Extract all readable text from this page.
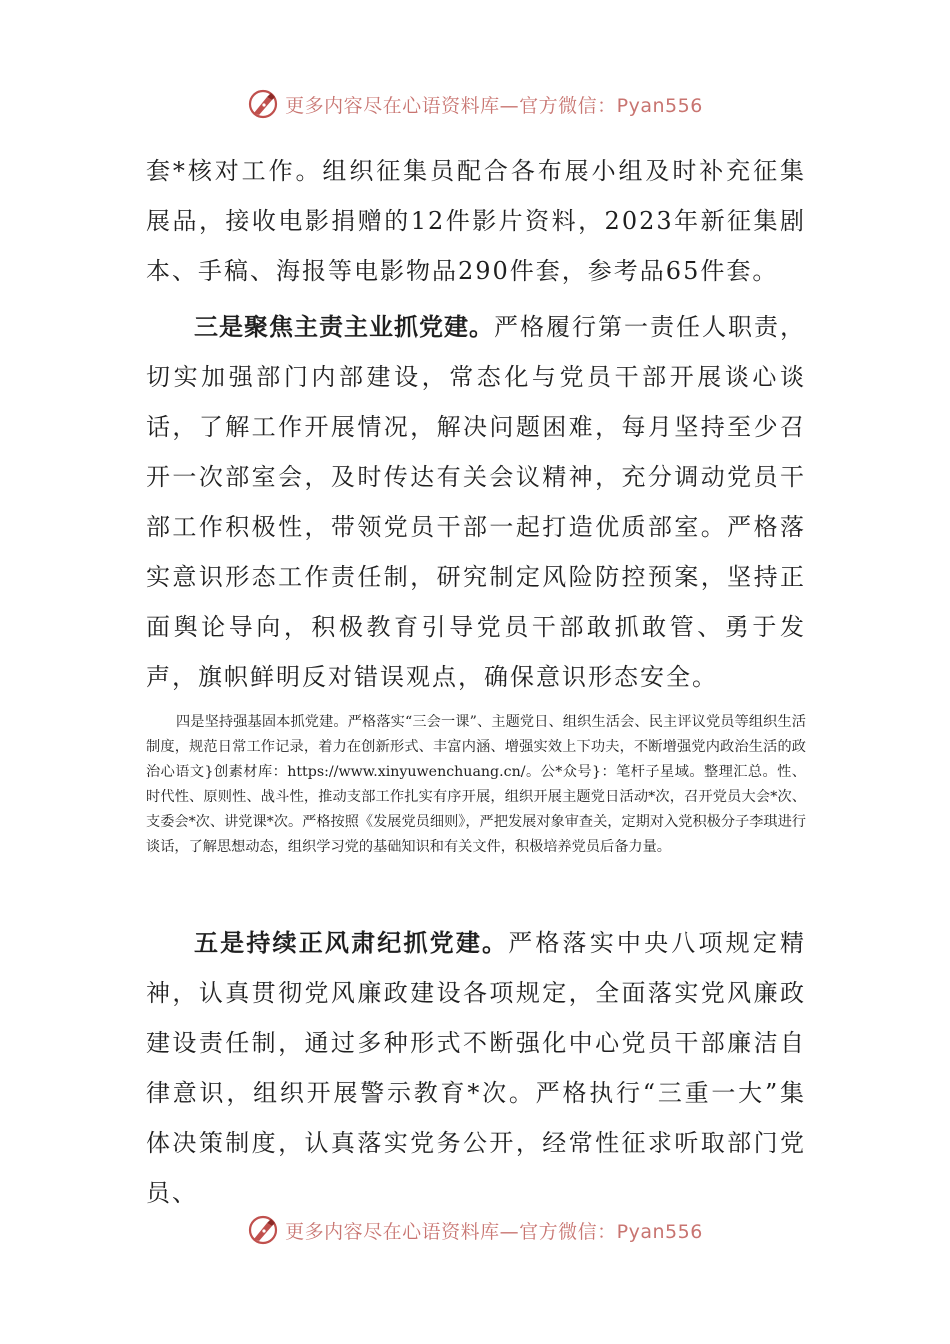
更多内容尽在心语资料库—官方微信：Pyan556

套*核对工作。组织征集员配合各布展小组及时补充征集展品，接收电影捐赠的12件影片资料，2023年新征集剧本、手稿、海报等电影物品290件套，参考品65件套。

三是聚焦主责主业抓党建。严格履行第一责任人职责，切实加强部门内部建设，常态化与党员干部开展谈心谈话，了解工作开展情况，解决问题困难，每月坚持至少召开一次部室会，及时传达有关会议精神，充分调动党员干部工作积极性，带领党员干部一起打造优质部室。严格落实意识形态工作责任制，研究制定风险防控预案，坚持正面舆论导向，积极教育引导党员干部敢抓敢管、勇于发声，旗帜鲜明反对错误观点，确保意识形态安全。

四是坚持强基固本抓党建。严格落实“三会一课”、主题党日、组织生活会、民主评议党员等组织生活制度，规范日常工作记录，着力在创新形式、丰富内涵、增强实效上下功夫，不断增强党内政治生活的政治心语文}创素材库：https://www.xinyuwenchuang.cn/。公*众号}：笔杆子星域。整理汇总。性、时代性、原则性、战斗性，推动支部工作扎实有序开展，组织开展主题党日活动*次，召开党员大会*次、支委会*次、讲党课*次。严格按照《发展党员细则》，严把发展对象审查关，定期对入党积极分子李琪进行谈话，了解思想动态，组织学习党的基础知识和有关文件，积极培养党员后备力量。

五是持续正风肃纪抓党建。严格落实中央八项规定精神，认真贯彻党风廉政建设各项规定，全面落实党风廉政建设责任制，通过多种形式不断强化中心党员干部廉洁自律意识，组织开展警示教育*次。严格执行“三重一大”集体决策制度，认真落实党务公开，经常性征求听取部门党员、

更多内容尽在心语资料库—官方微信：Pyan556
